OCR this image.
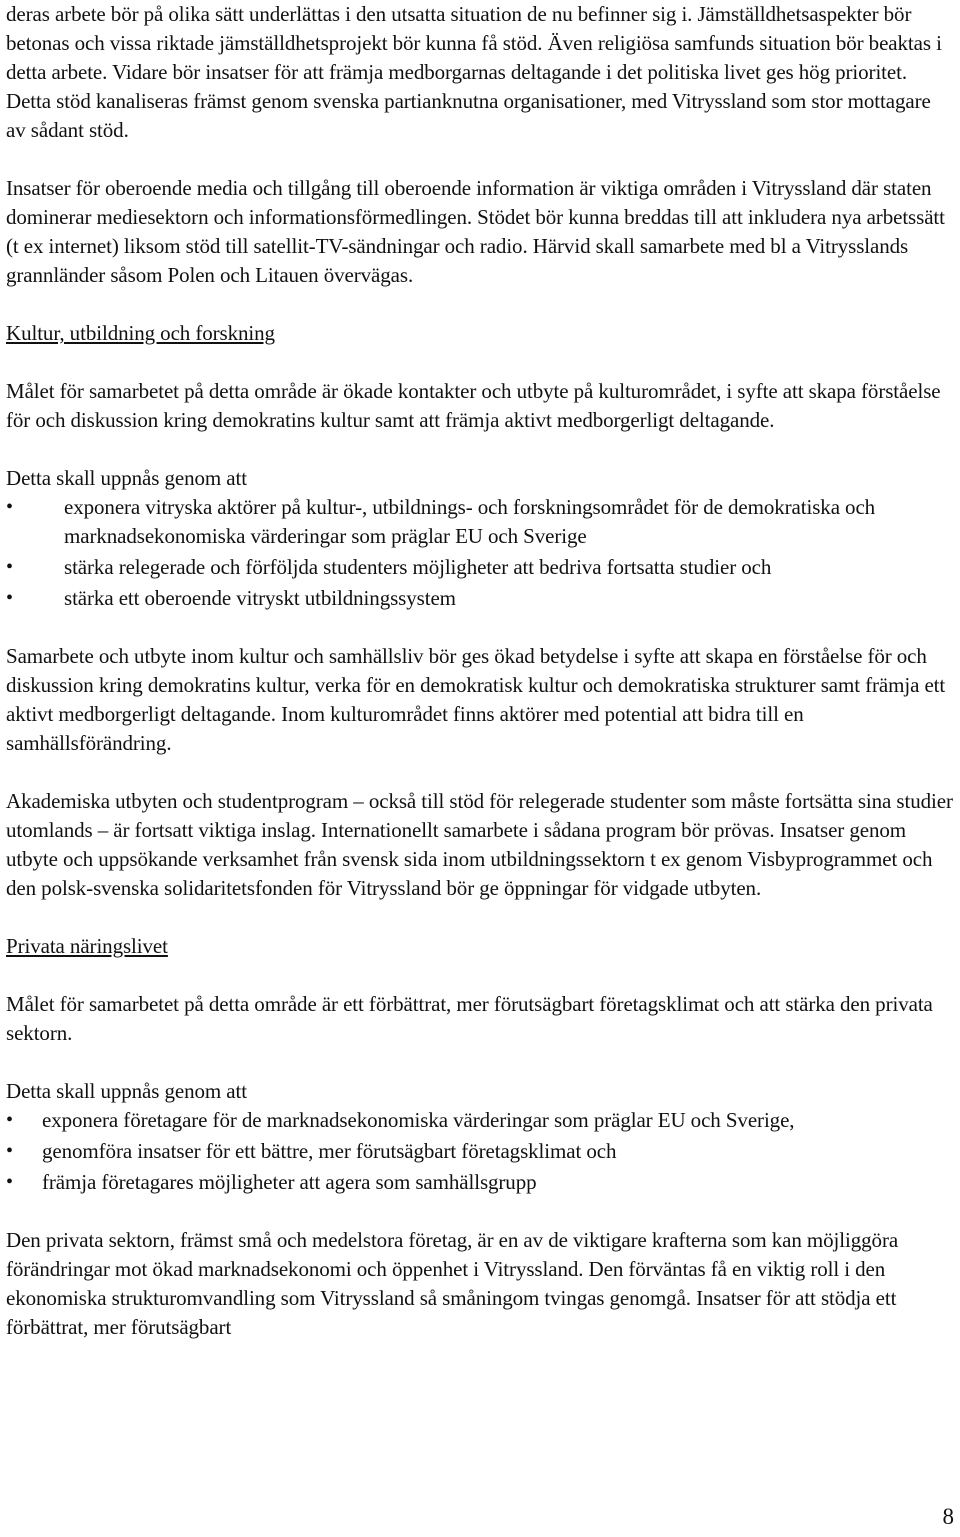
deras arbete bör på olika sätt underlättas i den utsatta situation de nu befinner sig i. Jämställdhetsaspekter bör betonas och vissa riktade jämställdhetsprojekt bör kunna få stöd. Även religiösa samfunds situation bör beaktas i detta arbete. Vidare bör insatser för att främja medborgarnas deltagande i det politiska livet ges hög prioritet. Detta stöd kanaliseras främst genom svenska partianknutna organisationer, med Vitryssland som stor mottagare av sådant stöd.

Insatser för oberoende media och tillgång till oberoende information är viktiga områden i Vitryssland där staten dominerar mediesektorn och informationsförmedlingen. Stödet bör kunna breddas till att inkludera nya arbetssätt (t ex internet) liksom stöd till satellit-TV-sändningar och radio. Härvid skall samarbete med bl a Vitrysslands grannländer såsom Polen och Litauen övervägas.

Kultur, utbildning och forskning

Målet för samarbetet på detta område är ökade kontakter och utbyte på kulturområdet, i syfte att skapa förståelse för och diskussion kring demokratins kultur samt att främja aktivt medborgerligt deltagande.

Detta skall uppnås genom att

• exponera vitryska aktörer på kultur-, utbildnings- och forskningsområdet för de demokratiska och marknadsekonomiska värderingar som präglar EU och Sverige
• stärka relegerade och förföljda studenters möjligheter att bedriva fortsatta studier och
• stärka ett oberoende vitryskt utbildningssystem

Samarbete och utbyte inom kultur och samhällsliv bör ges ökad betydelse i syfte att skapa en förståelse för och diskussion kring demokratins kultur, verka för en demokratisk kultur och demokratiska strukturer samt främja ett aktivt medborgerligt deltagande. Inom kulturområdet finns aktörer med potential att bidra till en samhällsförändring.

Akademiska utbyten och studentprogram – också till stöd för relegerade studenter som måste fortsätta sina studier utomlands – är fortsatt viktiga inslag. Internationellt samarbete i sådana program bör prövas. Insatser genom utbyte och uppsökande verksamhet från svensk sida inom utbildningssektorn t ex genom Visbyprogrammet och den polsk-svenska solidaritetsfonden för Vitryssland bör ge öppningar för vidgade utbyten.

Privata näringslivet

Målet för samarbetet på detta område är ett förbättrat, mer förutsägbart företagsklimat och att stärka den privata sektorn.

Detta skall uppnås genom att

• exponera företagare för de marknadsekonomiska värderingar som präglar EU och Sverige,
• genomföra insatser för ett bättre, mer förutsägbart företagsklimat och
• främja företagares möjligheter att agera som samhällsgrupp

Den privata sektorn, främst små och medelstora företag, är en av de viktigare krafterna som kan möjliggöra förändringar mot ökad marknadsekonomi och öppenhet i Vitryssland. Den förväntas få en viktig roll i den ekonomiska strukturomvandling som Vitryssland så småningom tvingas genomgå. Insatser för att stödja ett förbättrat, mer förutsägbart

8
